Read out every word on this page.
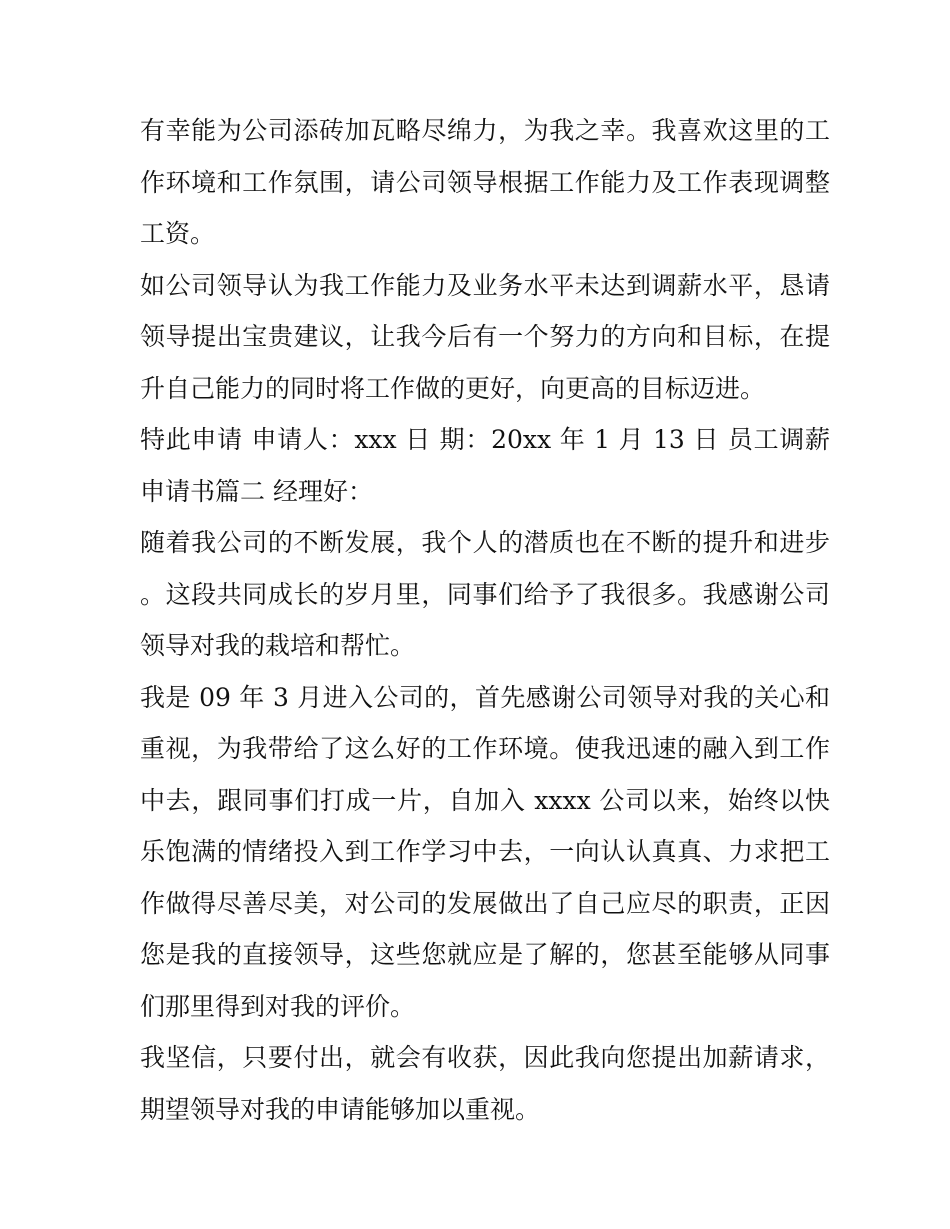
有幸能为公司添砖加瓦略尽绵力，为我之幸。我喜欢这里的工作环境和工作氛围，请公司领导根据工作能力及工作表现调整工资。

如公司领导认为我工作能力及业务水平未达到调薪水平，恳请领导提出宝贵建议，让我今后有一个努力的方向和目标，在提升自己能力的同时将工作做的更好，向更高的目标迈进。

特此申请 申请人：xxx 日 期：20xx 年 1 月 13 日 员工调薪申请书篇二 经理好：

随着我公司的不断发展，我个人的潜质也在不断的提升和进步。这段共同成长的岁月里，同事们给予了我很多。我感谢公司领导对我的栽培和帮忙。

我是 09 年 3 月进入公司的，首先感谢公司领导对我的关心和重视，为我带给了这么好的工作环境。使我迅速的融入到工作中去，跟同事们打成一片，自加入 xxxx 公司以来，始终以快乐饱满的情绪投入到工作学习中去，一向认认真真、力求把工作做得尽善尽美，对公司的发展做出了自己应尽的职责，正因您是我的直接领导，这些您就应是了解的，您甚至能够从同事们那里得到对我的评价。

我坚信，只要付出，就会有收获，因此我向您提出加薪请求，期望领导对我的申请能够加以重视。
